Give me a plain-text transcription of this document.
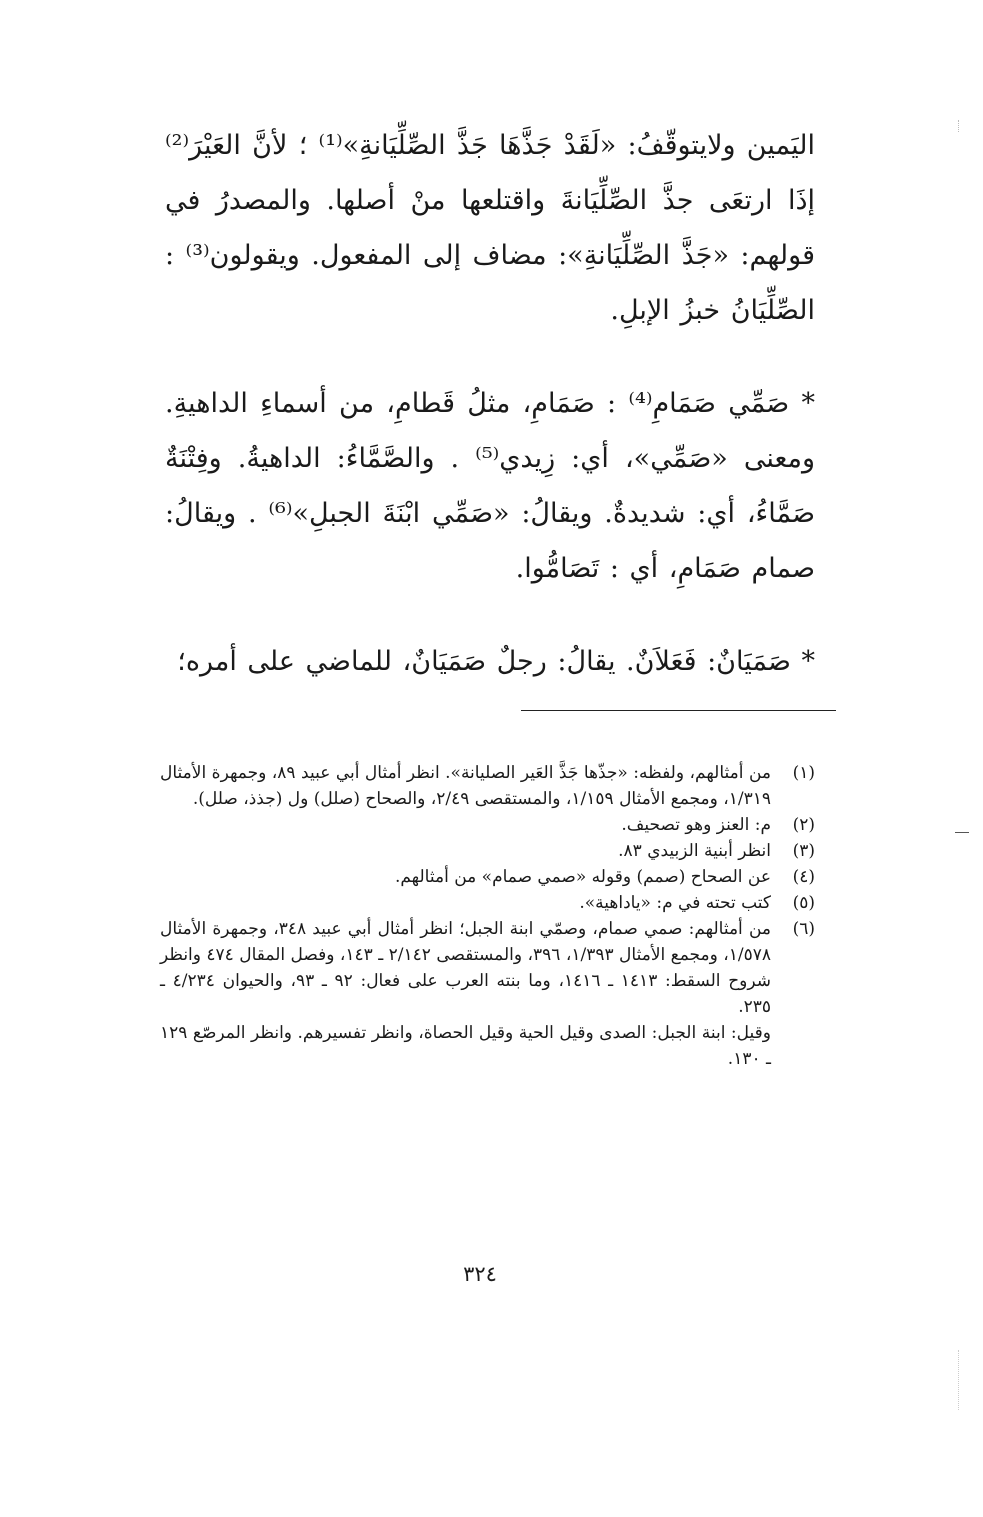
اليَمين ولايتوقّفُ: «لَقَدْ جَذَّهَا جَذَّ الصِّلِّيَانةِ»⁽¹⁾ ؛ لأنَّ العَيْرَ⁽²⁾ إذَا ارتعَى جذَّ الصِّلِّيَانةَ واقتلعها منْ أصلها. والمصدرُ في قولهم: «جَذَّ الصِّلِّيَانةِ»: مضاف إلى المفعول. ويقولون⁽³⁾ : الصِّلِّيَانُ خبزُ الإبلِ.

* صَمِّي صَمَامِ⁽⁴⁾ : صَمَامِ، مثلُ قَطامِ، من أسماءِ الداهيةِ. ومعنى «صَمِّي»، أي: زِيدي⁽⁵⁾ . والصَّمَّاءُ: الداهيةُ. وفِتْنَةٌ صَمَّاءُ، أي: شديدةٌ. ويقالُ: «صَمِّي ابْنَةَ الجبلِ»⁽⁶⁾ . ويقالُ: صمام صَمَامِ، أي : تَصَامُّوا.

* صَمَيَانٌ: فَعَلاَنٌ. يقالُ: رجلٌ صَمَيَانٌ، للماضي على أمره؛

(١)
من أمثالهم، ولفظه: «جذّها جَذَّ العَير الصليانة». انظر أمثال أبي عبيد ٨٩، وجمهرة الأمثال ١/٣١٩، ومجمع الأمثال ١/١٥٩، والمستقصى ٢/٤٩، والصحاح (صلل) ول (جذذ، صلل).
(٢)
م: العنز وهو تصحيف.
(٣)
انظر أبنية الزبيدي ٨٣.
(٤)
عن الصحاح (صمم) وقوله «صمي صمام» من أمثالهم.
(٥)
كتب تحته في م: «ياداهية».
(٦)
من أمثالهم: صمي صمام، وصمّي ابنة الجبل؛ انظر أمثال أبي عبيد ٣٤٨، وجمهرة الأمثال ١/٥٧٨، ومجمع الأمثال ١/٣٩٣، ٣٩٦، والمستقصى ٢/١٤٢ ـ ١٤٣، وفصل المقال ٤٧٤ وانظر شروح السقط: ١٤١٣ ـ ١٤١٦، وما بنته العرب على فعال: ٩٢ ـ ٩٣، والحيوان ٤/٢٣٤ ـ ٢٣٥.
وقيل: ابنة الجبل: الصدى وقيل الحية وقيل الحصاة، وانظر تفسيرهم. وانظر المرصّع ١٢٩ ـ ١٣٠.
٣٢٤
